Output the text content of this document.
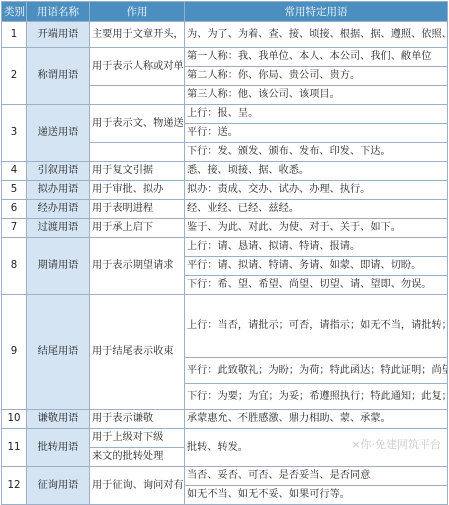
类别	用语名称	作用	常用特定用语
1	开端用语	主要用于文章开头，	为、为了、为着、查、接、顷接、根据、据、遵照、依照
2	称谓用语	用于表示人称或对单	第一人称：我、我单位、本人、本公司、我们、敝单位
			第二人称：你、你局、贵公司、贵方。
			第三人称：他、该公司、该项目。
3	递送用语	用于表示文、物递送	上行：报、呈。
			平行：送。
			下行：发、颁发、颁布、发布、印发、下达。
4	引叙用语	用于复文引据	悉、接、顷接、据、收悉。
5	拟办用语	用于审批、拟办	拟办：责成、交办、试办、办理、执行。
6	经办用语	用于表明进程	经、业经、已经、兹经。
7	过渡用语	用于承上启下	鉴于、为此、对此、为使、对于、关于、如下。
8	期请用语	用于表示期望请求	上行：请、恳请、拟请、特请、报请。
			平行：请、拟请、特请、务请、如蒙、即请、切盼。
			下行：希、望、希望、尚望、切望、请、望即、勿误。
9	结尾用语	用于结尾表示收束	上行：当否，请批示；可否，请指示；如无不当，请批转
			平行：此致敬礼；为盼；为荷；特此函达；特此证明；尚
			下行：为要；为宜；为妥；希遵照执行；特此通知；此复
10	谦敬用语	用于表示谦敬	承蒙惠允、不胜感激、鼎力相助、蒙、承蒙。
11	批转用语	用于上级对下级	批转、转发。
		来文的批转处理	
12	征询用语	用于征询、询问对有	当否、妥否、可否、是否妥当、是否同意
			如无不当、如无不妥、如果可行等。 ×你·免建网筑平台
